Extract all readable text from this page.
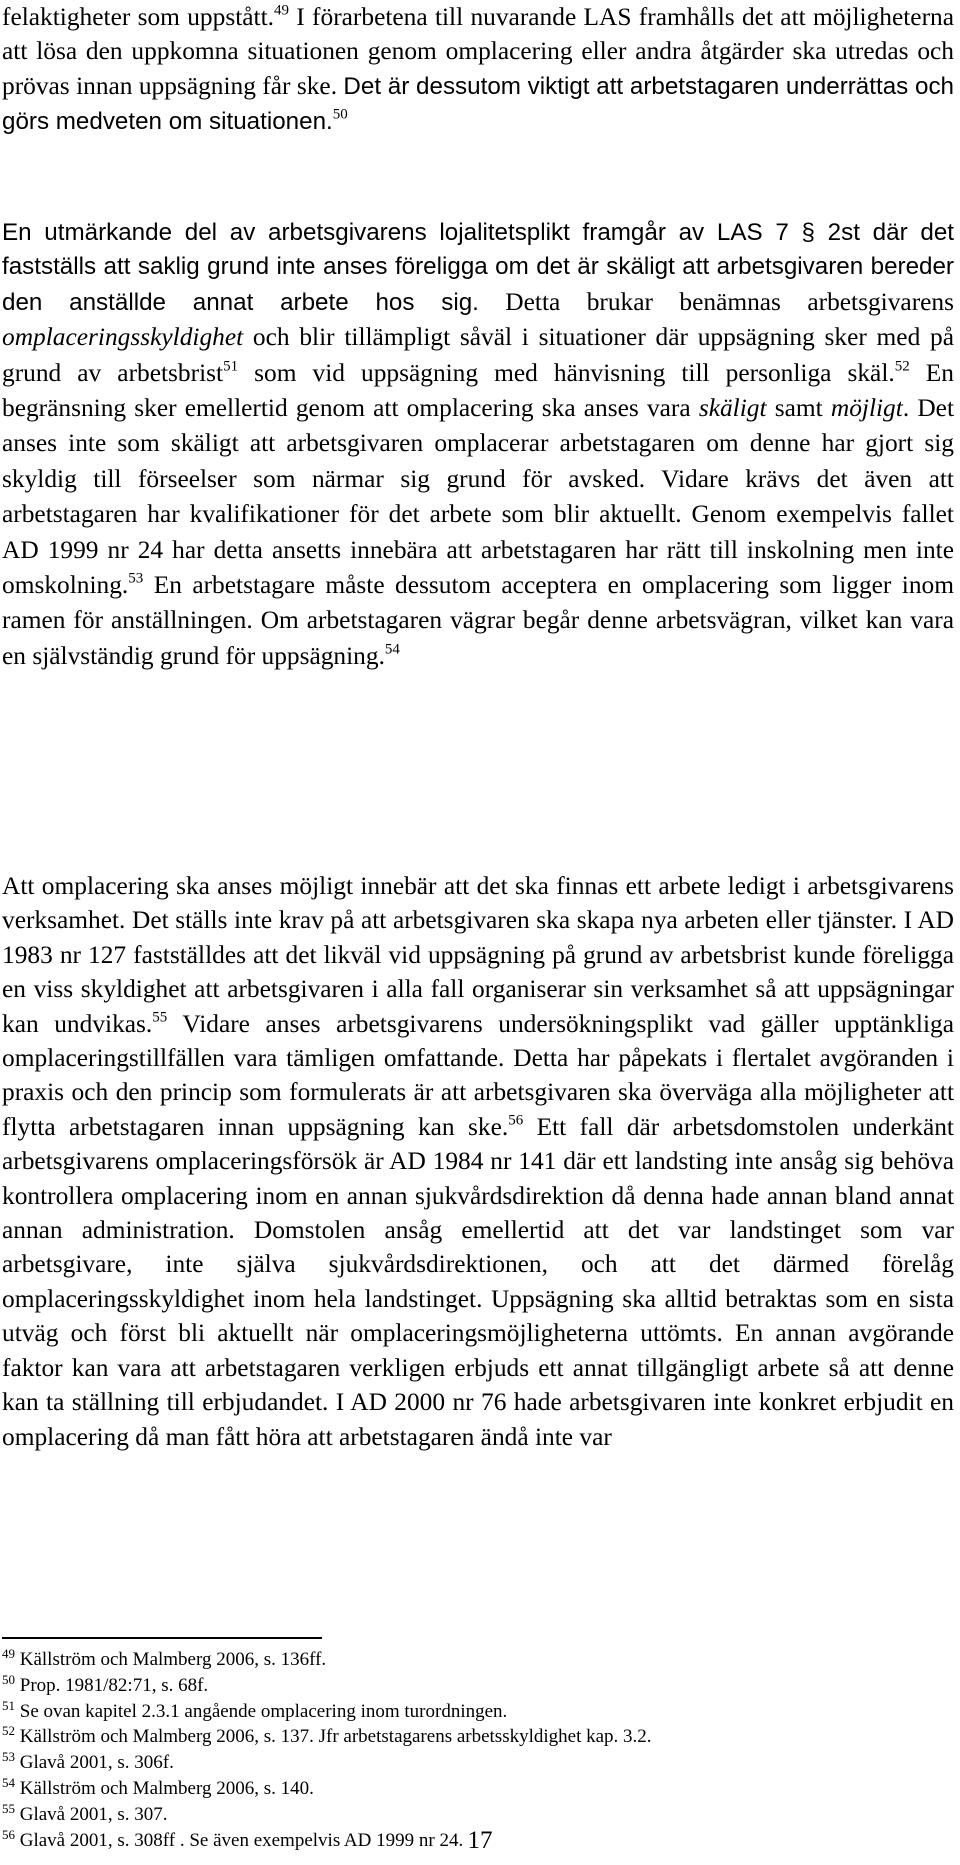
felaktigheter som uppstått.$^{49}$ I förarbetena till nuvarande LAS framhålls det att möjligheterna att lösa den uppkomna situationen genom omplacering eller andra åtgärder ska utredas och prövas innan uppsägning får ske. Det är dessutom viktigt att arbetstagaren underrättas och görs medveten om situationen.$^{50}$

En utmärkande del av arbetsgivarens lojalitetsplikt framgår av LAS 7 § 2st där det fastställs att saklig grund inte anses föreligga om det är skäligt att arbetsgivaren bereder den anställde annat arbete hos sig. Detta brukar benämnas arbetsgivarens omplaceringsskyldighet och blir tillämpligt såväl i situationer där uppsägning sker med på grund av arbetsbrist$^{51}$ som vid uppsägning med hänvisning till personliga skäl.$^{52}$ En begränsning sker emellertid genom att omplacering ska anses vara skäligt samt möjligt. Det anses inte som skäligt att arbetsgivaren omplacerar arbetstagaren om denne har gjort sig skyldig till förseelser som närmar sig grund för avsked. Vidare krävs det även att arbetstagaren har kvalifikationer för det arbete som blir aktuellt. Genom exempelvis fallet AD 1999 nr 24 har detta ansetts innebära att arbetstagaren har rätt till inskolning men inte omskolning.$^{53}$ En arbetstagare måste dessutom acceptera en omplacering som ligger inom ramen för anställningen. Om arbetstagaren vägrar begår denne arbetsvägran, vilket kan vara en självständig grund för uppsägning.$^{54}$

Att omplacering ska anses möjligt innebär att det ska finnas ett arbete ledigt i arbetsgivarens verksamhet. Det ställs inte krav på att arbetsgivaren ska skapa nya arbeten eller tjänster. I AD 1983 nr 127 fastställdes att det likväl vid uppsägning på grund av arbetsbrist kunde föreligga en viss skyldighet att arbetsgivaren i alla fall organiserar sin verksamhet så att uppsägningar kan undvikas.$^{55}$ Vidare anses arbetsgivarens undersökningsplikt vad gäller upptänkliga omplaceringstillfällen vara tämligen omfattande. Detta har påpekats i flertalet avgöranden i praxis och den princip som formulerats är att arbetsgivaren ska överväga alla möjligheter att flytta arbetstagaren innan uppsägning kan ske.$^{56}$ Ett fall där arbetsdomstolen underkänt arbetsgivarens omplaceringsförsök är AD 1984 nr 141 där ett landsting inte ansåg sig behöva kontrollera omplacering inom en annan sjukvårdsdirektion då denna hade annan bland annat annan administration. Domstolen ansåg emellertid att det var landstinget som var arbetsgivare, inte själva sjukvårdsdirektionen, och att det därmed förelåg omplaceringsskyldighet inom hela landstinget. Uppsägning ska alltid betraktas som en sista utväg och först bli aktuellt när omplaceringsmöjligheterna uttömts. En annan avgörande faktor kan vara att arbetstagaren verkligen erbjuds ett annat tillgängligt arbete så att denne kan ta ställning till erbjudandet. I AD 2000 nr 76 hade arbetsgivaren inte konkret erbjudit en omplacering då man fått höra att arbetstagaren ändå inte var

$^{49}$ Källström och Malmberg 2006, s. 136ff.
$^{50}$ Prop. 1981/82:71, s. 68f.
$^{51}$ Se ovan kapitel 2.3.1 angående omplacering inom turordningen.
$^{52}$ Källström och Malmberg 2006, s. 137. Jfr arbetstagarens arbetsskyldighet kap. 3.2.
$^{53}$ Glavå 2001, s. 306f.
$^{54}$ Källström och Malmberg 2006, s. 140.
$^{55}$ Glavå 2001, s. 307.
$^{56}$ Glavå 2001, s. 308ff . Se även exempelvis AD 1999 nr 24. 17
